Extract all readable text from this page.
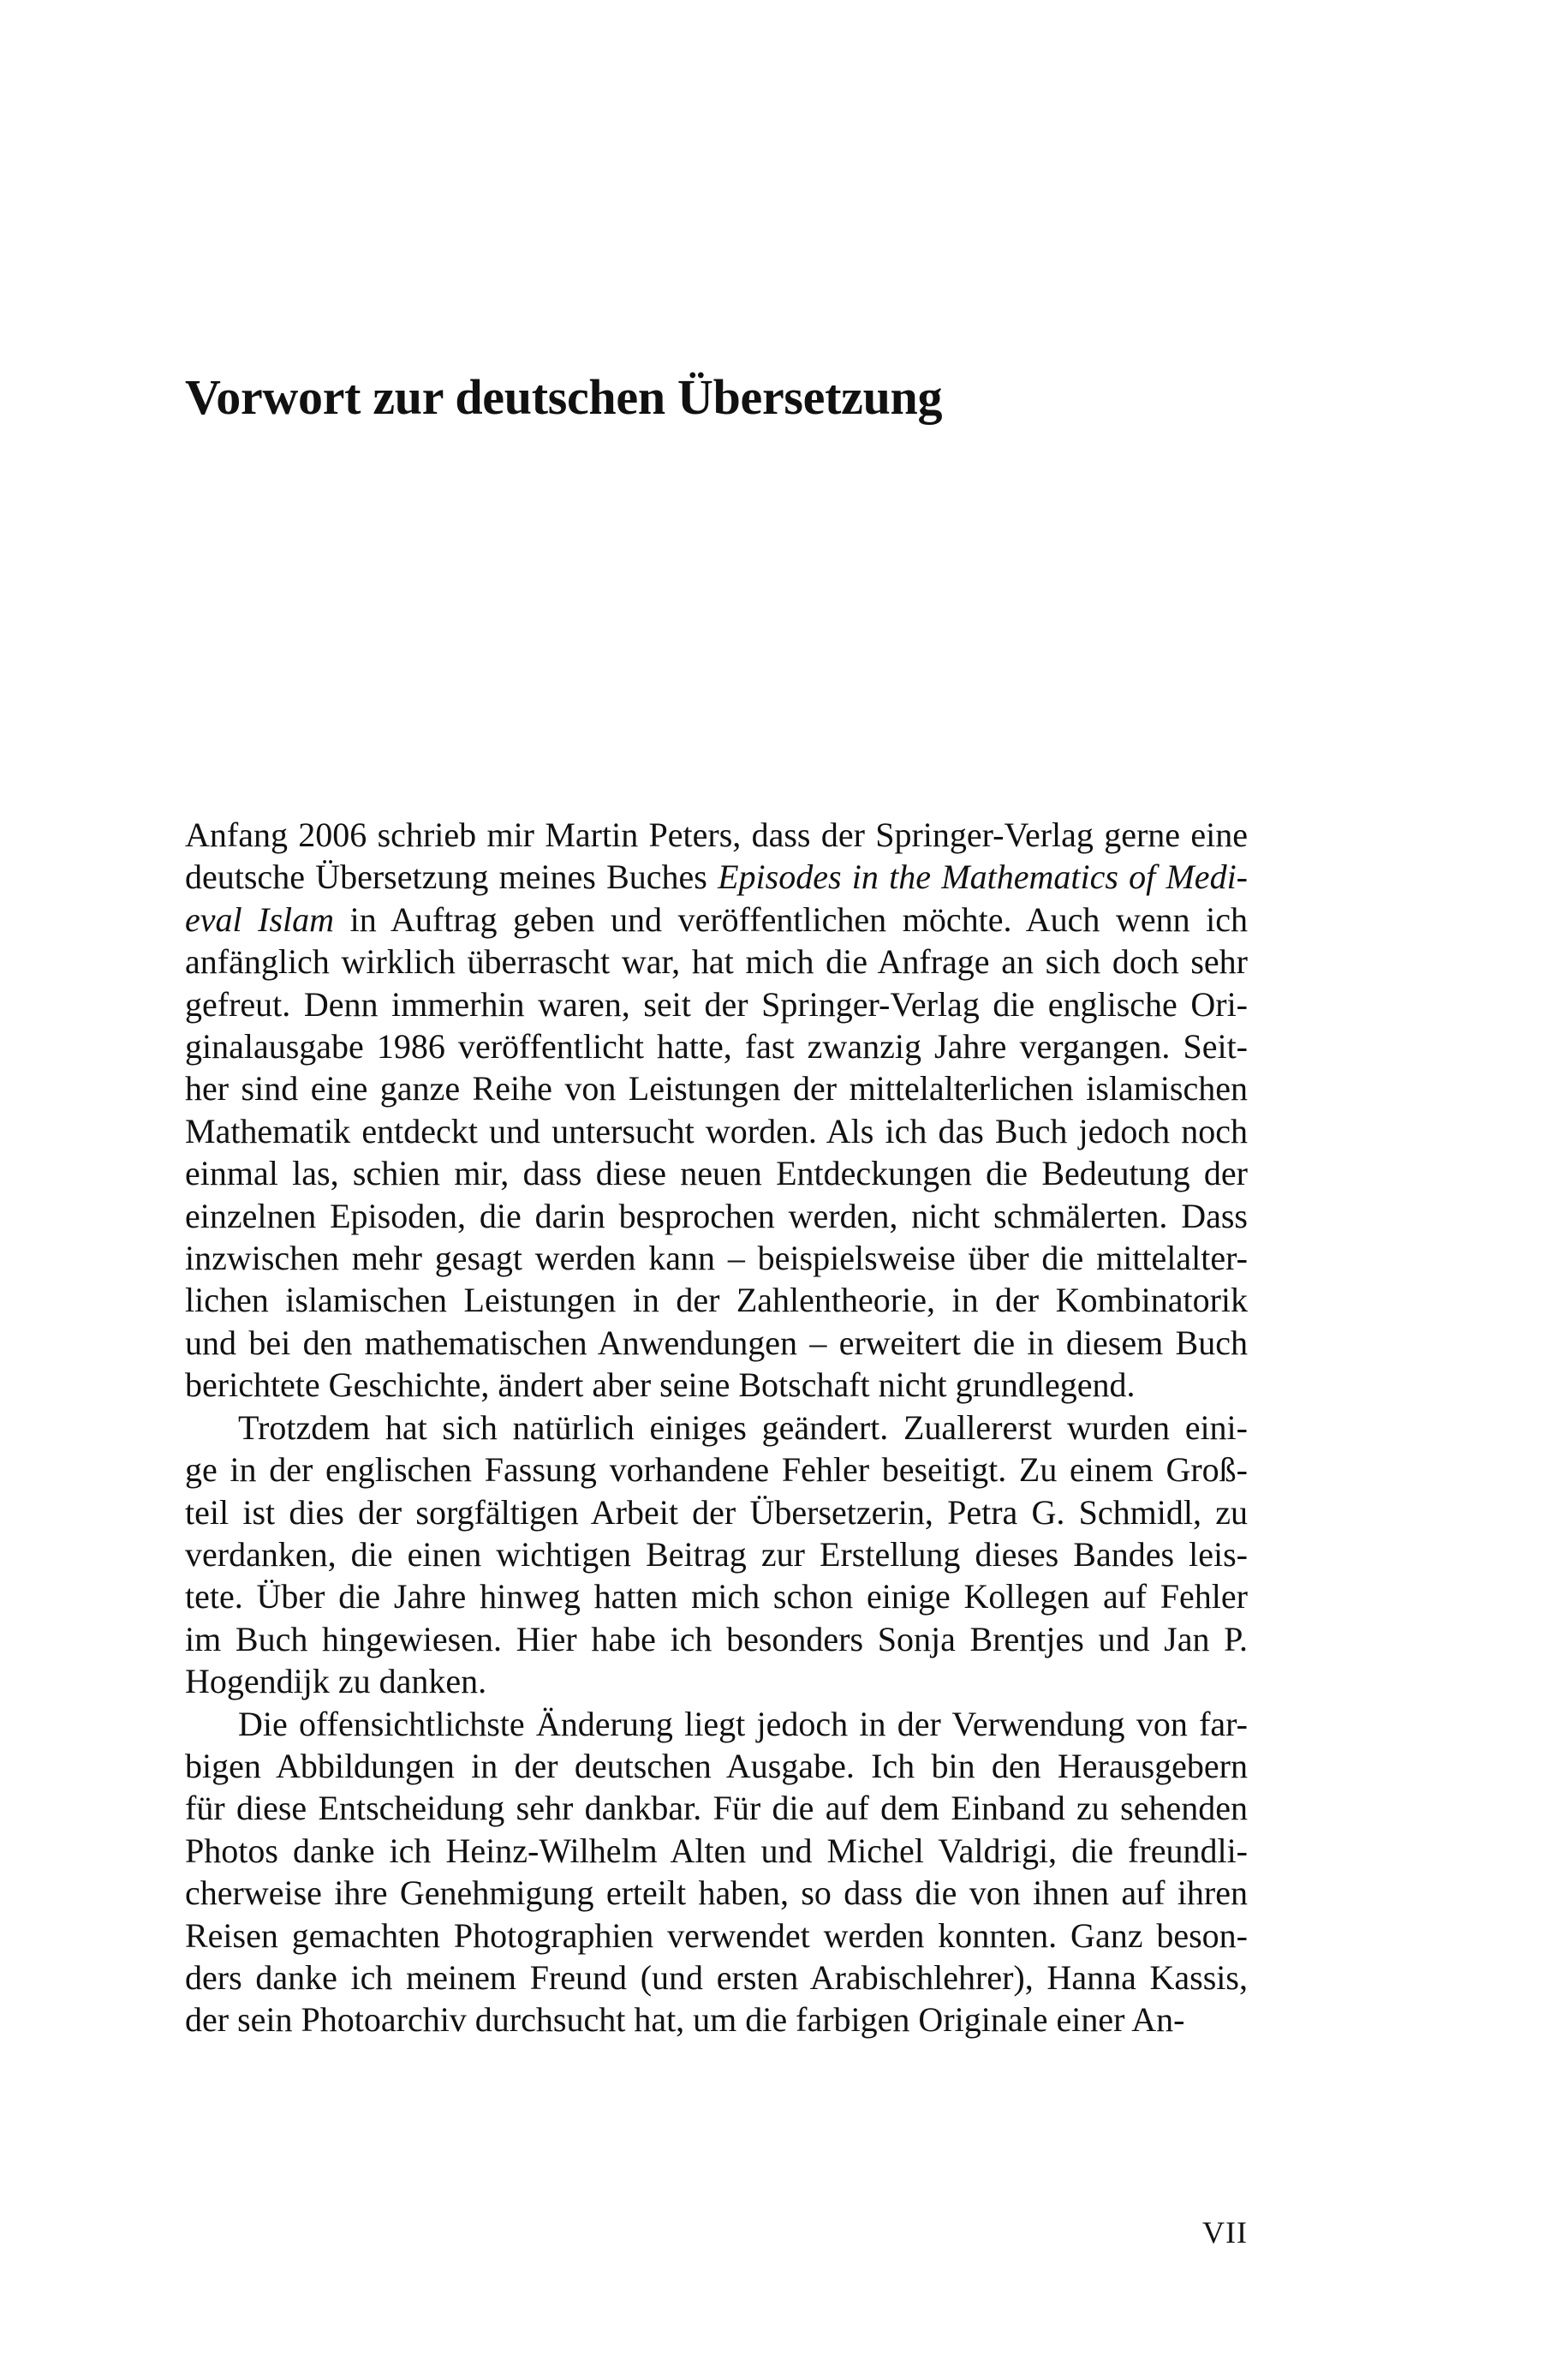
Vorwort zur deutschen Übersetzung

Anfang 2006 schrieb mir Martin Peters, dass der Springer-Verlag gerne eine
deutsche Übersetzung meines Buches Episodes in the Mathematics of Medi-
eval Islam in Auftrag geben und veröffentlichen möchte. Auch wenn ich
anfänglich wirklich überrascht war, hat mich die Anfrage an sich doch sehr
gefreut. Denn immerhin waren, seit der Springer-Verlag die englische Ori-
ginalausgabe 1986 veröffentlicht hatte, fast zwanzig Jahre vergangen. Seit-
her sind eine ganze Reihe von Leistungen der mittelalterlichen islamischen
Mathematik entdeckt und untersucht worden. Als ich das Buch jedoch noch
einmal las, schien mir, dass diese neuen Entdeckungen die Bedeutung der
einzelnen Episoden, die darin besprochen werden, nicht schmälerten. Dass
inzwischen mehr gesagt werden kann – beispielsweise über die mittelalter-
lichen islamischen Leistungen in der Zahlentheorie, in der Kombinatorik
und bei den mathematischen Anwendungen – erweitert die in diesem Buch
berichtete Geschichte, ändert aber seine Botschaft nicht grundlegend.

Trotzdem hat sich natürlich einiges geändert. Zuallererst wurden eini-
ge in der englischen Fassung vorhandene Fehler beseitigt. Zu einem Groß-
teil ist dies der sorgfältigen Arbeit der Übersetzerin, Petra G. Schmidl, zu
verdanken, die einen wichtigen Beitrag zur Erstellung dieses Bandes leis-
tete. Über die Jahre hinweg hatten mich schon einige Kollegen auf Fehler
im Buch hingewiesen. Hier habe ich besonders Sonja Brentjes und Jan P.
Hogendijk zu danken.

Die offensichtlichste Änderung liegt jedoch in der Verwendung von far-
bigen Abbildungen in der deutschen Ausgabe. Ich bin den Herausgebern
für diese Entscheidung sehr dankbar. Für die auf dem Einband zu sehenden
Photos danke ich Heinz-Wilhelm Alten und Michel Valdrigi, die freundli-
cherweise ihre Genehmigung erteilt haben, so dass die von ihnen auf ihren
Reisen gemachten Photographien verwendet werden konnten. Ganz beson-
ders danke ich meinem Freund (und ersten Arabischlehrer), Hanna Kassis,
der sein Photoarchiv durchsucht hat, um die farbigen Originale einer An-

VII
